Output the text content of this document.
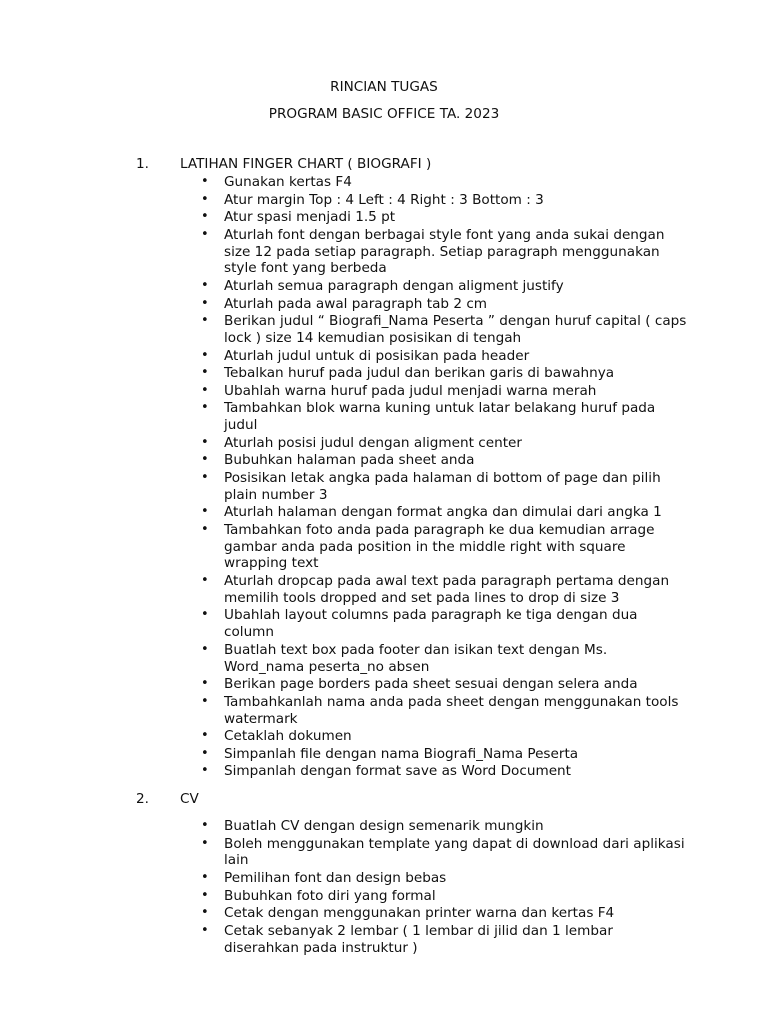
RINCIAN TUGAS
PROGRAM BASIC OFFICE TA. 2023
1. LATIHAN FINGER CHART ( BIOGRAFI )
• Gunakan kertas F4
• Atur margin Top : 4 Left : 4 Right : 3 Bottom : 3
• Atur spasi menjadi 1.5 pt
• Aturlah font dengan berbagai style font yang anda sukai dengan size 12 pada setiap paragraph. Setiap paragraph menggunakan style font yang berbeda
• Aturlah semua paragraph dengan aligment justify
• Aturlah pada awal paragraph tab 2 cm
• Berikan judul “ Biografi_Nama Peserta ” dengan huruf capital ( caps lock ) size 14 kemudian posisikan di tengah
• Aturlah judul untuk di posisikan pada header
• Tebalkan huruf pada judul dan berikan garis di bawahnya
• Ubahlah warna huruf pada judul menjadi warna merah
• Tambahkan blok warna kuning untuk latar belakang huruf pada judul
• Aturlah posisi judul dengan aligment center
• Bubuhkan halaman pada sheet anda
• Posisikan letak angka pada halaman di bottom of page dan pilih plain number 3
• Aturlah halaman dengan format angka dan dimulai dari angka 1
• Tambahkan foto anda pada paragraph ke dua kemudian arrage gambar anda pada position in the middle right with square wrapping text
• Aturlah dropcap pada awal text pada paragraph pertama dengan memilih tools dropped and set pada lines to drop di size 3
• Ubahlah layout columns pada paragraph ke tiga dengan dua column
• Buatlah text box pada footer dan isikan text dengan Ms. Word_nama peserta_no absen
• Berikan page borders pada sheet sesuai dengan selera anda
• Tambahkanlah nama anda pada sheet dengan menggunakan tools watermark
• Cetaklah dokumen
• Simpanlah file dengan nama Biografi_Nama Peserta
• Simpanlah dengan format save as Word Document
2. CV
• Buatlah CV dengan design semenarik mungkin
• Boleh menggunakan template yang dapat di download dari aplikasi lain
• Pemilihan font dan design bebas
• Bubuhkan foto diri yang formal
• Cetak dengan menggunakan printer warna dan kertas F4
• Cetak sebanyak 2 lembar ( 1 lembar di jilid dan 1 lembar diserahkan pada instruktur )
